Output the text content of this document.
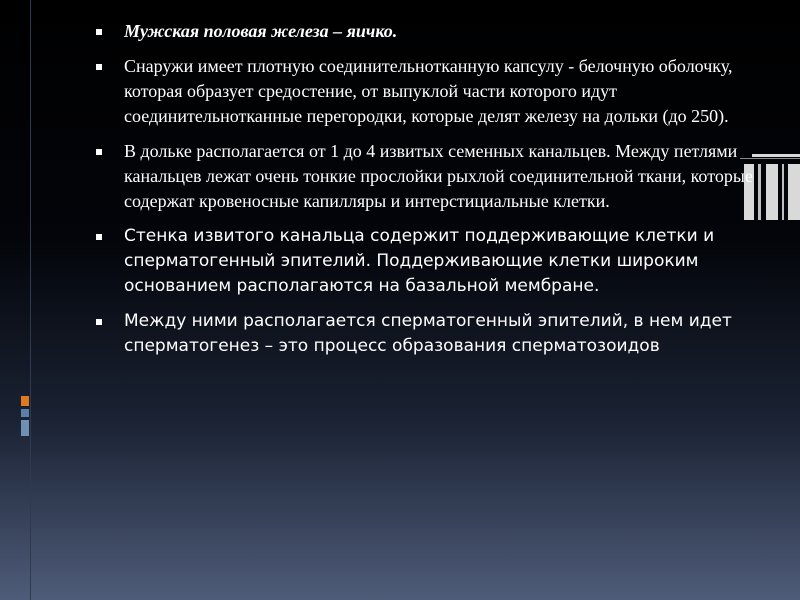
Мужская половая железа – яичко.
Снаружи имеет плотную соединительнотканную капсулу - белочную оболочку, которая образует средостение, от выпуклой части которого идут соединительнотканные перегородки, которые делят железу на дольки (до 250).
В дольке располагается от 1 до 4 извитых семенных канальцев. Между петлями канальцев лежат очень тонкие прослойки рыхлой соединительной ткани, которые содержат кровеносные капилляры и интерстициальные клетки.
Стенка извитого канальца содержит поддерживающие клетки и сперматогенный эпителий. Поддерживающие клетки широким основанием располагаются на базальной мембране.
Между ними располагается сперматогенный эпителий, в нем идет сперматогенез – это процесс образования сперматозоидов
